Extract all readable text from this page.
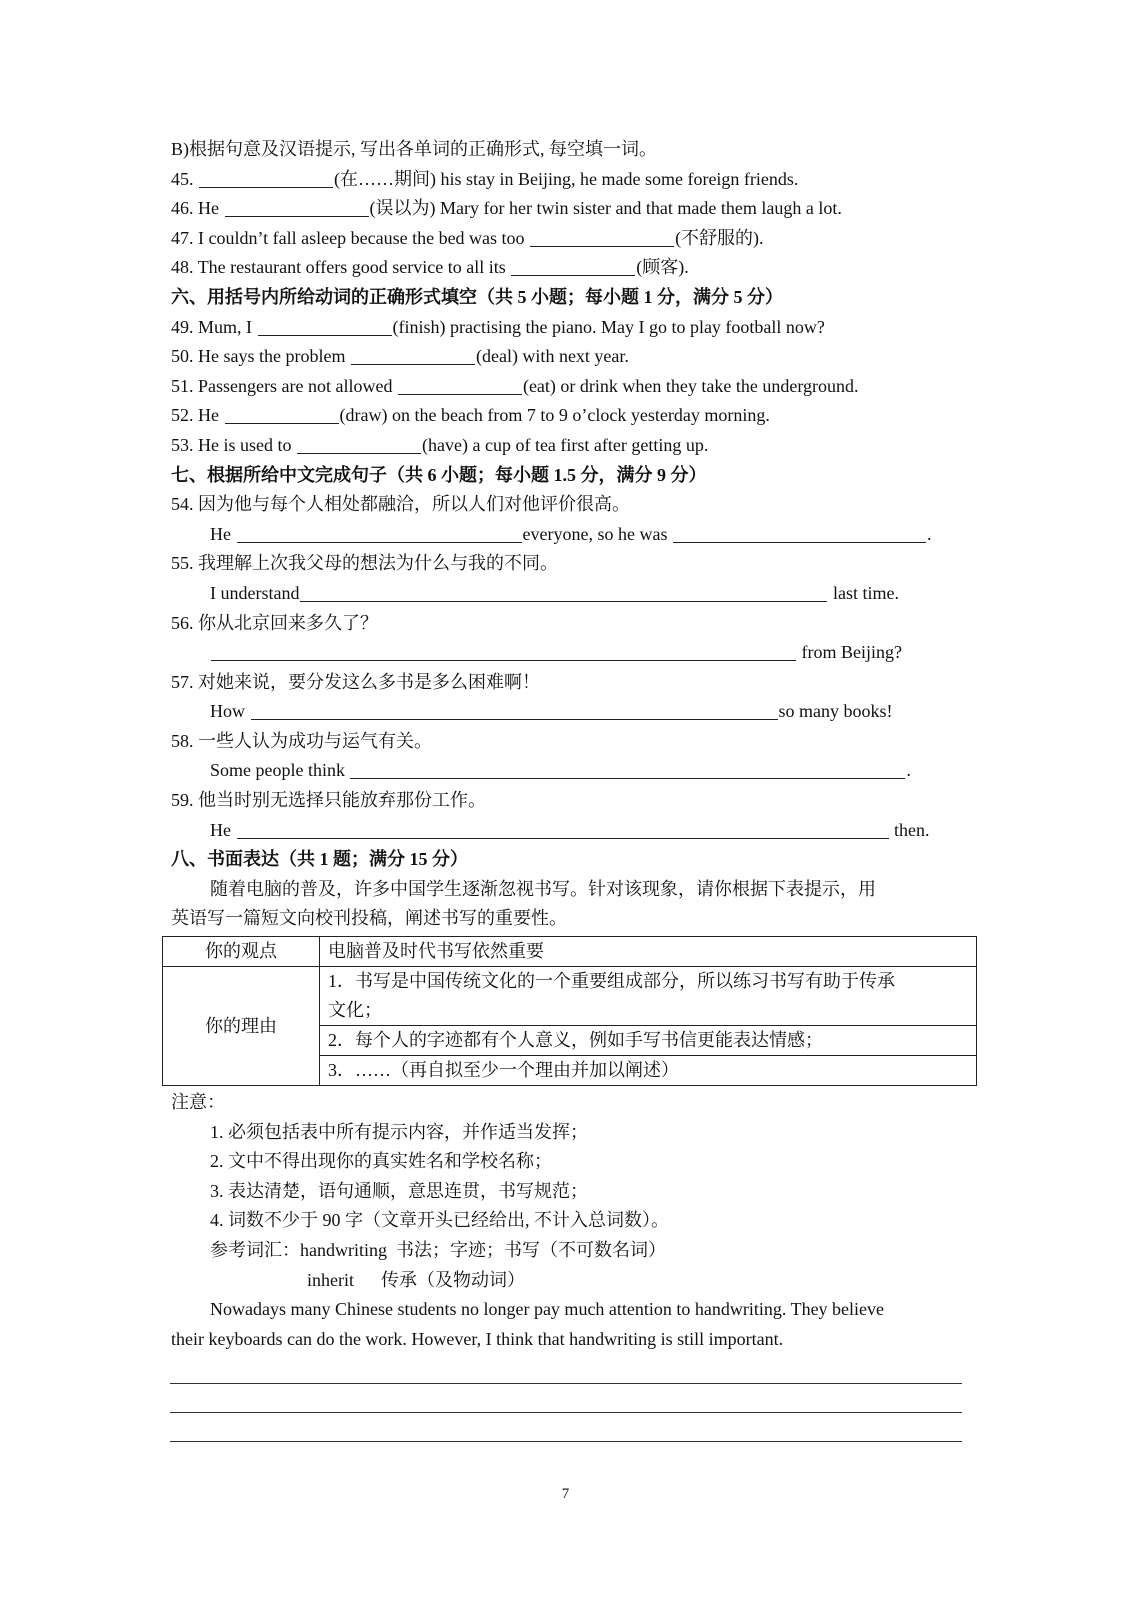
B)根据句意及汉语提示, 写出各单词的正确形式, 每空填一词。
45.	(在……期间) his stay in Beijing, he made some foreign friends.
46. He	(误以为) Mary for her twin sister and that made them laugh a lot.
47. I couldn’t fall asleep because the bed was too	(不舒服的).
48. The restaurant offers good service to all its	(顾客).
六、用括号内所给动词的正确形式填空（共 5 小题；每小题 1 分，满分 5 分）
49. Mum, I	(finish) practising the piano. May I go to play football now?
50. He says the problem	(deal) with next year.
51. Passengers are not allowed	(eat) or drink when they take the underground.
52. He	(draw) on the beach from 7 to 9 o’clock yesterday morning.
53. He is used to	(have) a cup of tea first after getting up.
七、根据所给中文完成句子（共 6 小题；每小题 1.5 分，满分 9 分）
54. 因为他与每个人相处都融洽，所以人们对他评价很高。
He	everyone, so he was	.
55. 我理解上次我父母的想法为什么与我的不同。
I understand	last time.
56. 你从北京回来多久了？
from Beijing?
57. 对她来说，要分发这么多书是多么困难啊！
How	so many books!
58. 一些人认为成功与运气有关。
Some people think	.
59. 他当时别无选择只能放弃那份工作。
He	then.
八、书面表达（共 1 题；满分 15 分）
随着电脑的普及，许多中国学生逐渐忽视书写。针对该现象，请你根据下表提示，用
英语写一篇短文向校刊投稿，阐述书写的重要性。
你的观点	电脑普及时代书写依然重要
你的理由	1．书写是中国传统文化的一个重要组成部分，所以练习书写有助于传承
文化；

	2．每个人的字迹都有个人意义，例如手写书信更能表达情感；
	3．……（再自拟至少一个理由并加以阐述）
注意：
1. 必须包括表中所有提示内容，并作适当发挥；
2. 文中不得出现你的真实姓名和学校名称；
3. 表达清楚，语句通顺，意思连贯，书写规范；
4. 词数不少于 90 字（文章开头已经给出, 不计入总词数）。
参考词汇：handwriting  书法；字迹；书写（不可数名词）
inherit      传承（及物动词）
Nowadays many Chinese students no longer pay much attention to handwriting. They believe
their keyboards can do the work. However, I think that handwriting is still important.
7
